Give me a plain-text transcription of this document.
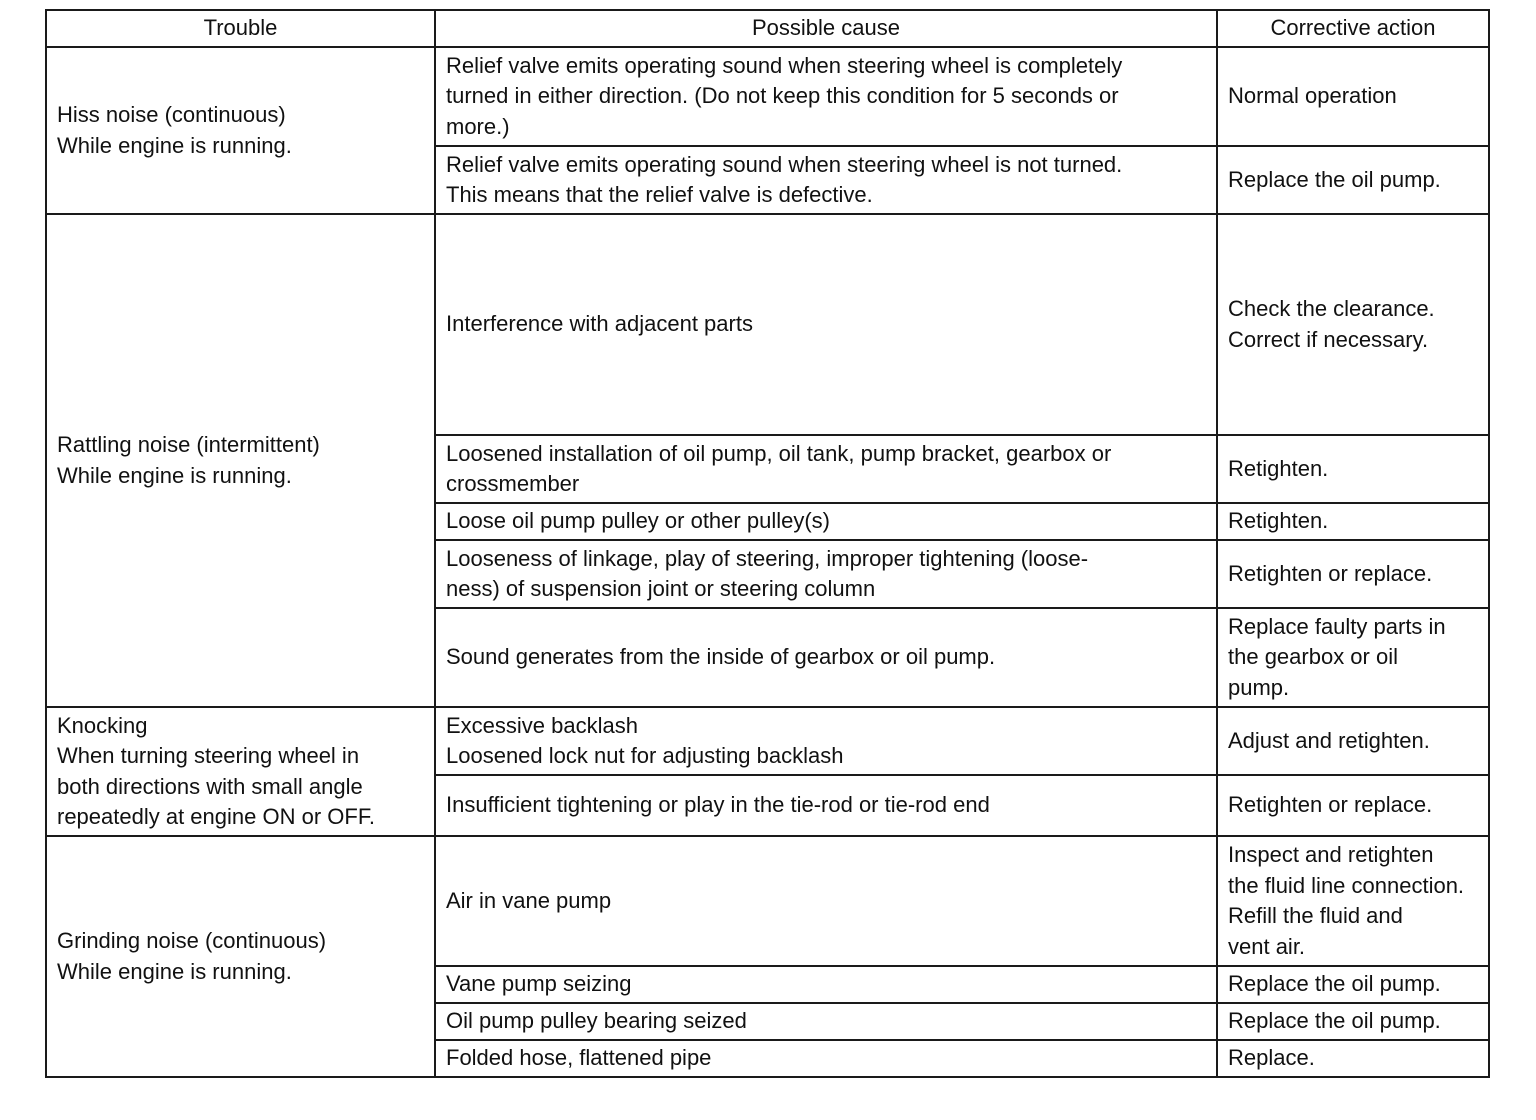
Trouble	Possible cause	Corrective action

Hiss noise (continuous)
While engine is running.	Relief valve emits operating sound when steering wheel is completely
turned in either direction. (Do not keep this condition for 5 seconds or
more.)	Normal operation

	Relief valve emits operating sound when steering wheel is not turned.
This means that the relief valve is defective.	Replace the oil pump.

Rattling noise (intermittent)
While engine is running.	Interference with adjacent parts	Check the clearance.
Correct if necessary.

	Loosened installation of oil pump, oil tank, pump bracket, gearbox or
crossmember	Retighten.

	Loose oil pump pulley or other pulley(s)	Retighten.

	Looseness of linkage, play of steering, improper tightening (loose-
ness) of suspension joint or steering column	Retighten or replace.

	Sound generates from the inside of gearbox or oil pump.	Replace faulty parts in
the gearbox or oil
pump.

Knocking
When turning steering wheel in
both directions with small angle
repeatedly at engine ON or OFF.	Excessive backlash
Loosened lock nut for adjusting backlash	Adjust and retighten.

	Insufficient tightening or play in the tie-rod or tie-rod end	Retighten or replace.

Grinding noise (continuous)
While engine is running.	Air in vane pump	Inspect and retighten
the fluid line connection.
Refill the fluid and
vent air.

	Vane pump seizing	Replace the oil pump.

	Oil pump pulley bearing seized	Replace the oil pump.

	Folded hose, flattened pipe	Replace.
